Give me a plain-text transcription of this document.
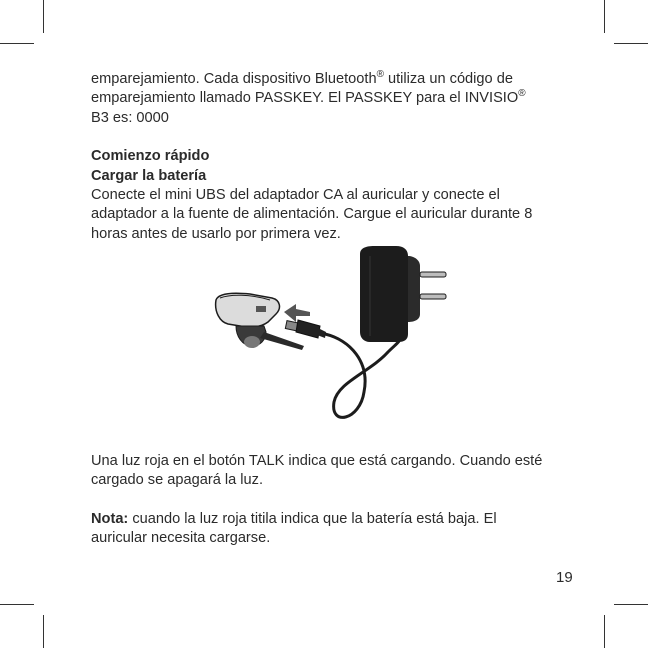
emparejamiento. Cada dispositivo Bluetooth® utiliza un código de

emparejamiento llamado PASSKEY. El PASSKEY para el INVISIO®

B3 es: 0000

Comienzo rápido

Cargar la batería

Conecte el mini UBS del adaptador CA al auricular y conecte el adaptador a la fuente de alimentación. Cargue el auricular durante 8 horas antes de usarlo por primera vez.

Una luz roja en el botón TALK indica que está cargando. Cuando esté cargado se apagará la luz.

Nota: cuando la luz roja titila indica que la batería está baja. El auricular necesita cargarse.

19
